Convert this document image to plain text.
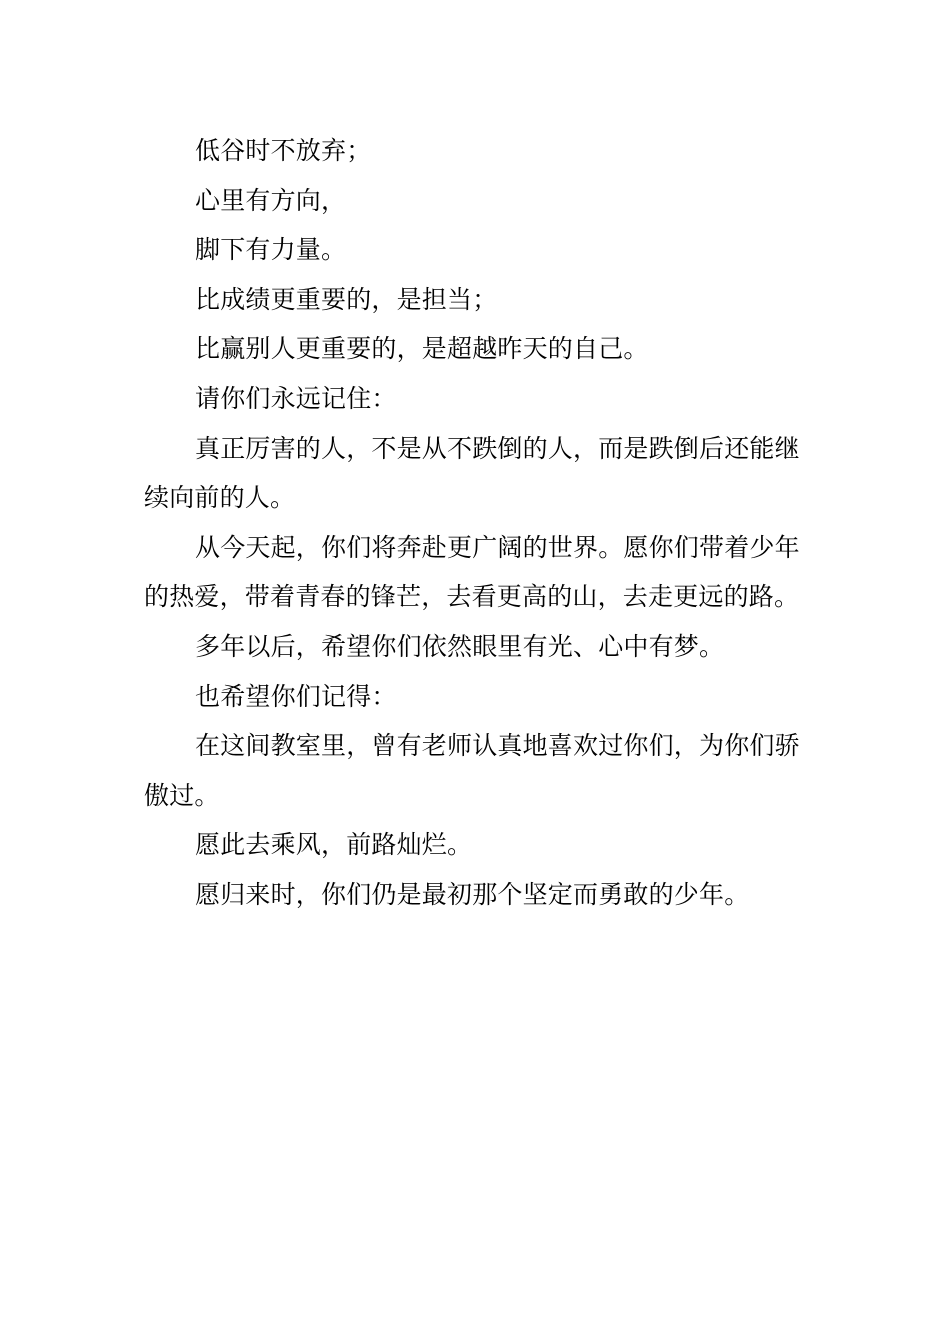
低谷时不放弃；

心里有方向，

脚下有力量。

比成绩更重要的，是担当；

比赢别人更重要的，是超越昨天的自己。

请你们永远记住：

真正厉害的人，不是从不跌倒的人，而是跌倒后还能继续向前的人。

从今天起，你们将奔赴更广阔的世界。愿你们带着少年的热爱，带着青春的锋芒，去看更高的山，去走更远的路。

多年以后，希望你们依然眼里有光、心中有梦。

也希望你们记得：

在这间教室里，曾有老师认真地喜欢过你们，为你们骄傲过。

愿此去乘风，前路灿烂。

愿归来时，你们仍是最初那个坚定而勇敢的少年。
